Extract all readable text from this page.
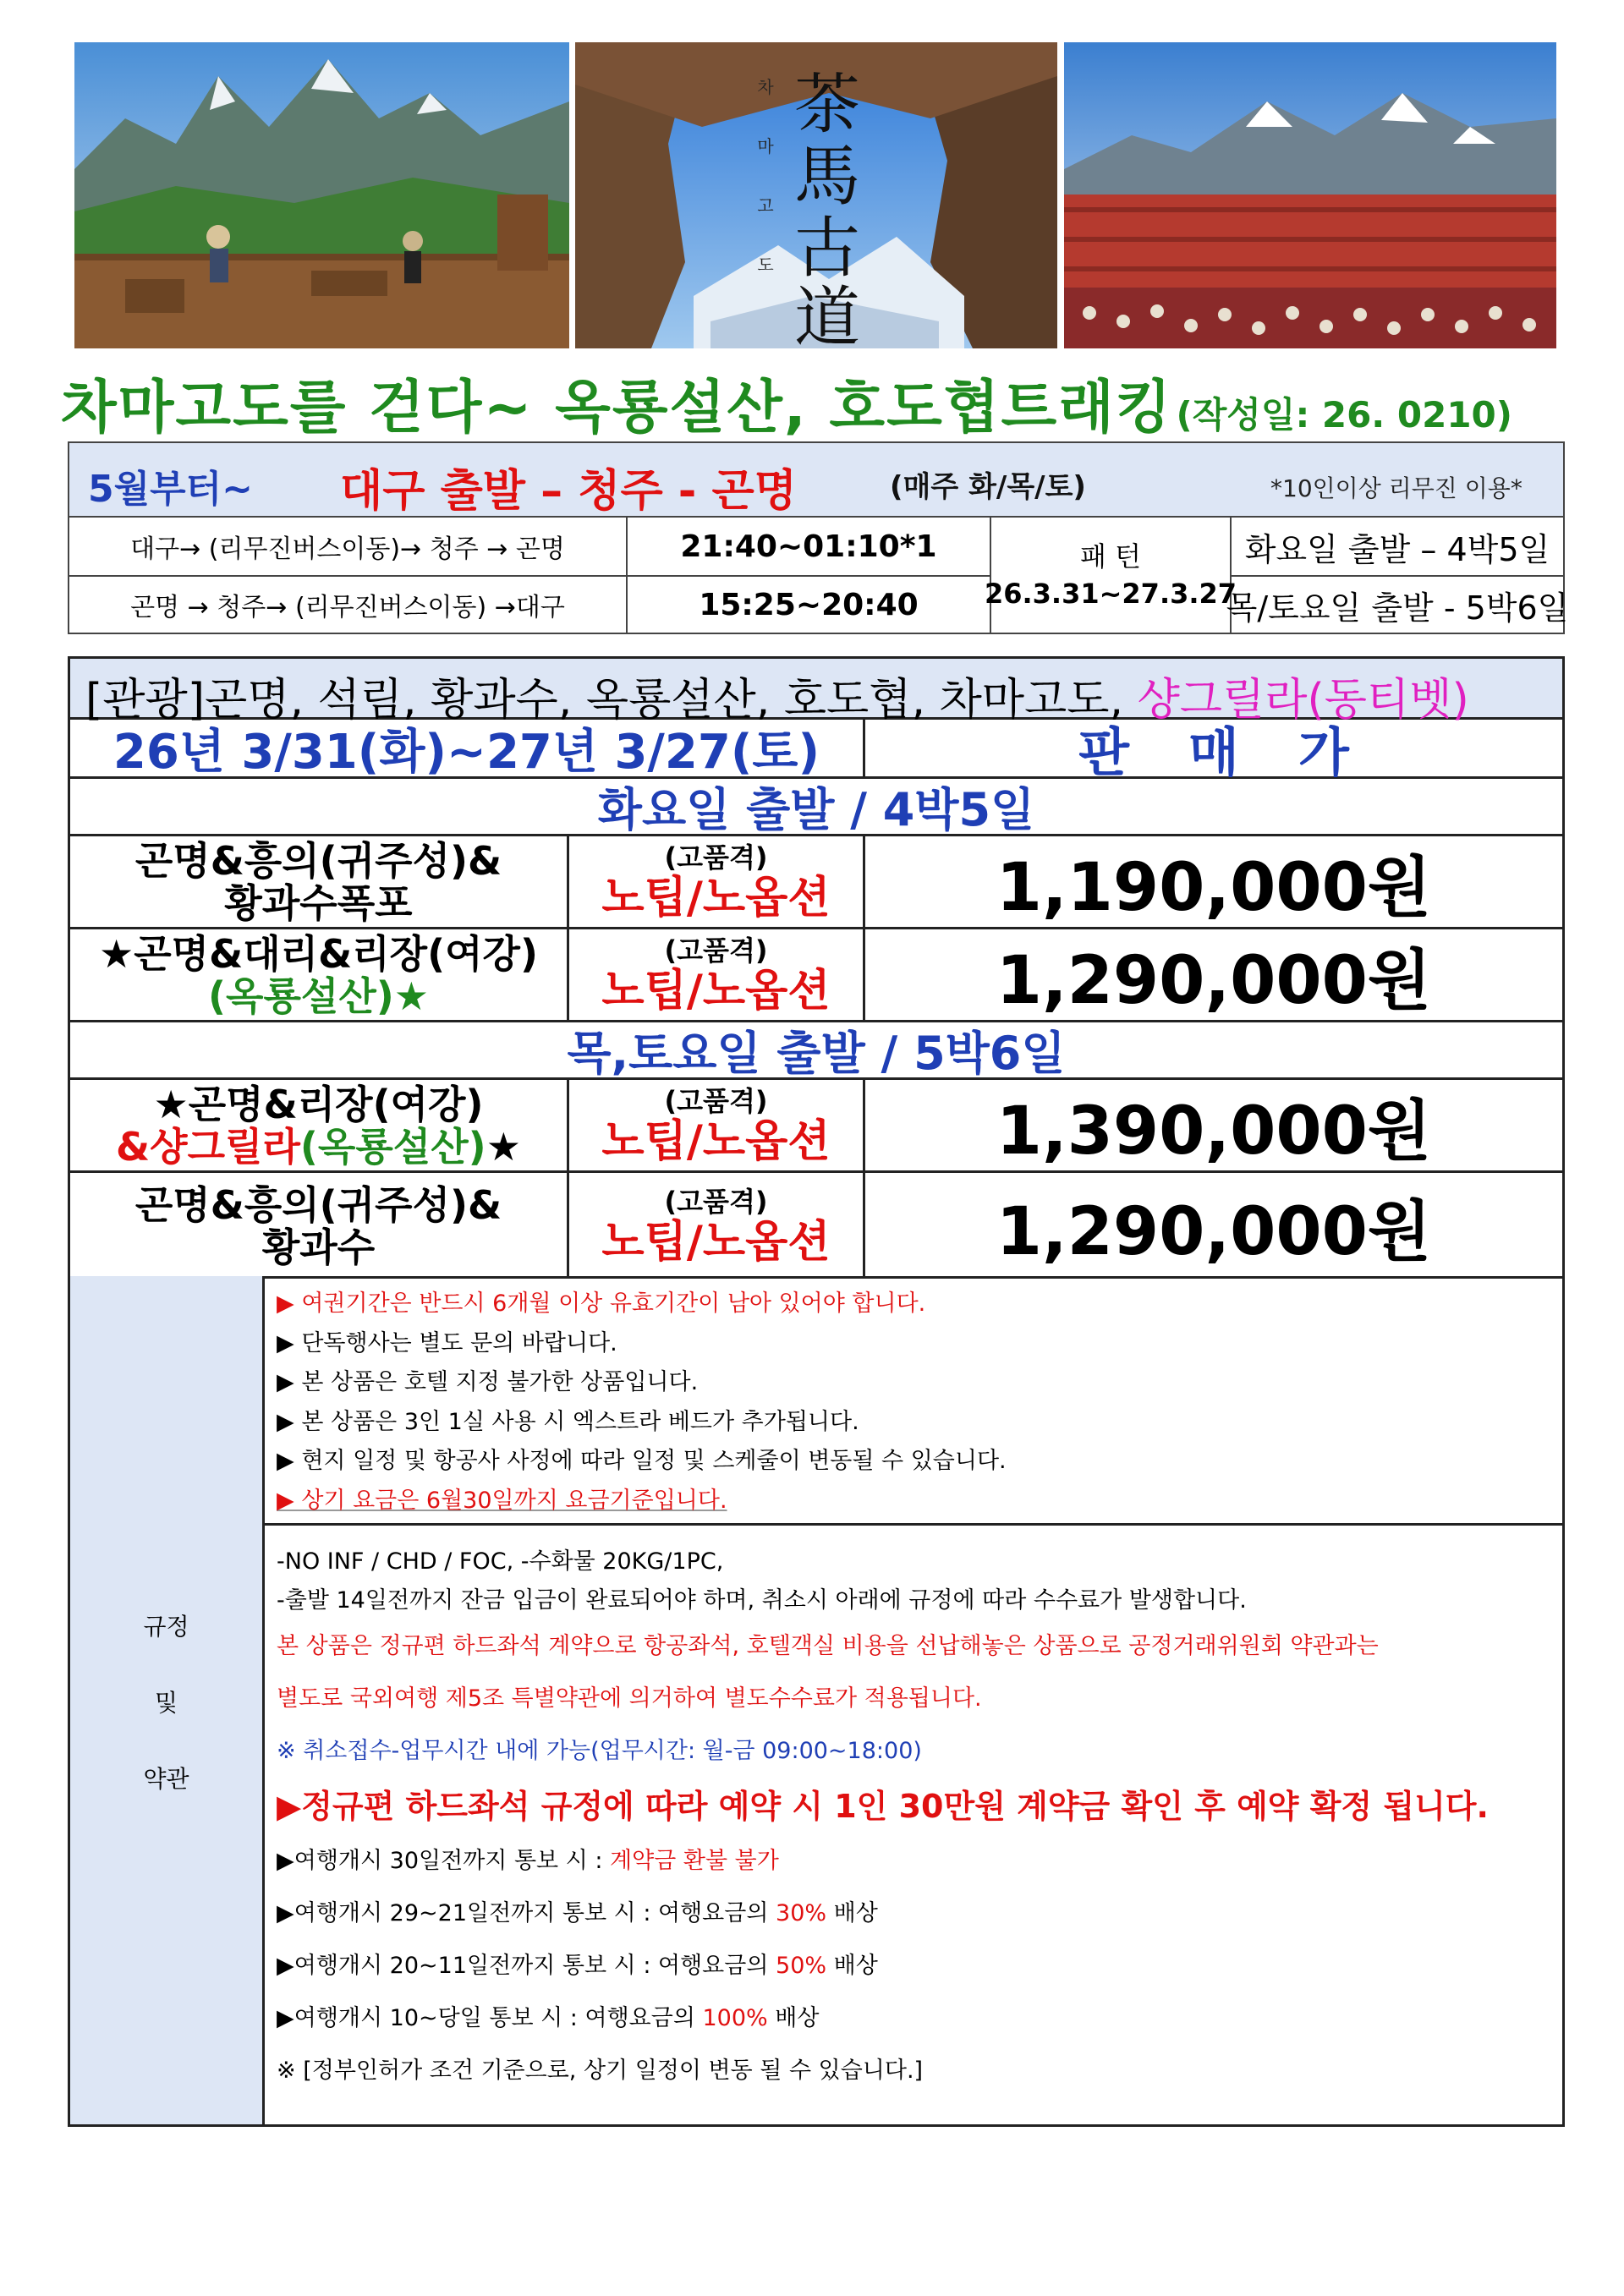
茶
馬
古
道
차
마
고
도
차마고도를 걷다~ 옥룡설산, 호도협트래킹(작성일: 26. 0210)
5월부터~ 대구 출발 – 청주 - 곤명	(매주 화/목/토)	*10인이상 리무진 이용*
대구→ (리무진버스이동)→ 청주 → 곤명	21:40~01:10*1
곤명 → 청주→ (리무진버스이동) →대구	15:25~20:40
패 턴
26.3.31~27.3.27
화요일 출발 – 4박5일
목/토요일 출발 - 5박6일
[관광]곤명, 석림, 황과수, 옥룡설산, 호도협, 차마고도, 샹그릴라(동티벳)
26년 3/31(화)~27년 3/27(토)	판매가
화요일 출발 / 4박5일
곤명&흥의(귀주성)&
황과수폭포
(고품격)
노팁/노옵션	1,190,000원
★곤명&대리&리장(여강)
(옥룡설산)★
(고품격)
노팁/노옵션	1,290,000원
목,토요일 출발 / 5박6일
★곤명&리장(여강)
&샹그릴라(옥룡설산)★
(고품격)
노팁/노옵션	1,390,000원
곤명&흥의(귀주성)&
황과수
(고품격)
노팁/노옵션	1,290,000원
규정
및
약관
▶ 여권기간은 반드시 6개월 이상 유효기간이 남아 있어야 합니다.
▶ 단독행사는 별도 문의 바랍니다.
▶ 본 상품은 호텔 지정 불가한 상품입니다.
▶ 본 상품은 3인 1실 사용 시 엑스트라 베드가 추가됩니다.
▶ 현지 일정 및 항공사 사정에 따라 일정 및 스케줄이 변동될 수 있습니다.
▶ 상기 요금은 6월30일까지 요금기준입니다.
-NO INF / CHD / FOC, -수화물 20KG/1PC,
-출발 14일전까지 잔금 입금이 완료되어야 하며, 취소시 아래에 규정에 따라 수수료가 발생합니다.
본 상품은 정규편 하드좌석 계약으로 항공좌석, 호텔객실 비용을 선납해놓은 상품으로 공정거래위원회 약관과는
별도로 국외여행 제5조 특별약관에 의거하여 별도수수료가 적용됩니다.
※ 취소접수-업무시간 내에 가능(업무시간: 월-금 09:00~18:00)
▶정규편 하드좌석 규정에 따라 예약 시 1인 30만원 계약금 확인 후 예약 확정 됩니다.
▶여행개시 30일전까지 통보 시 : 계약금 환불 불가
▶여행개시 29~21일전까지 통보 시 : 여행요금의 30% 배상
▶여행개시 20~11일전까지 통보 시 : 여행요금의 50% 배상
▶여행개시 10~당일 통보 시 : 여행요금의 100% 배상
※ [정부인허가 조건 기준으로, 상기 일정이 변동 될 수 있습니다.]
